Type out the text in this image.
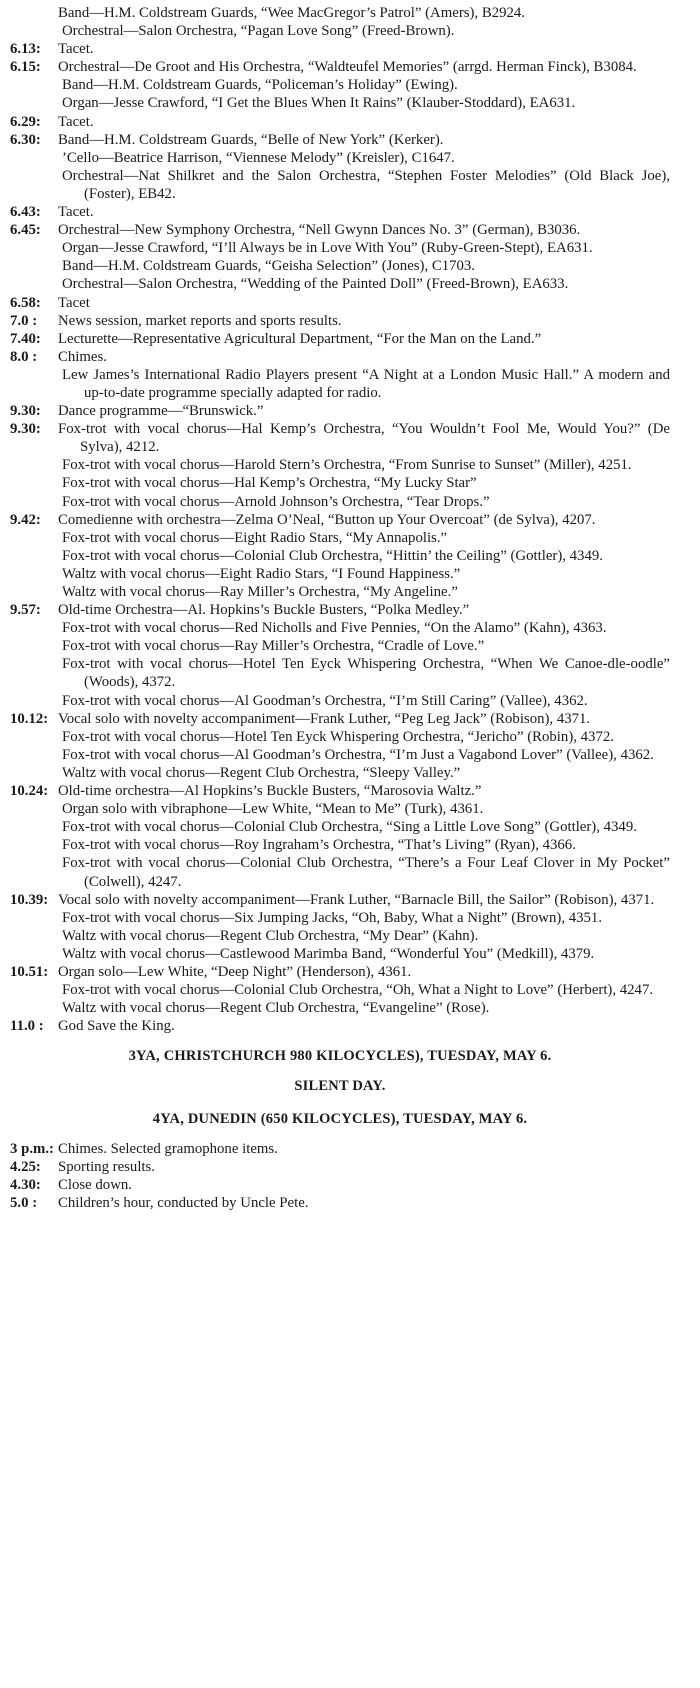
Band—H.M. Coldstream Guards, “Wee MacGregor’s Patrol” (Amers), B2924.
Orchestral—Salon Orchestra, “Pagan Love Song” (Freed-Brown).
6.13:	Tacet.
6.15:	Orchestral—De Groot and His Orchestra, “Waldteufel Memories” (arrgd. Herman Finck), B3084.
Band—H.M. Coldstream Guards, “Policeman’s Holiday” (Ewing).
Organ—Jesse Crawford, “I Get the Blues When It Rains” (Klauber-Stoddard), EA631.
6.29:	Tacet.
6.30:	Band—H.M. Coldstream Guards, “Belle of New York” (Kerker).
’Cello—Beatrice Harrison, “Viennese Melody” (Kreisler), C1647.
Orchestral—Nat Shilkret and the Salon Orchestra, “Stephen Foster Melodies” (Old Black Joe), (Foster), EB42.
6.43:	Tacet.
6.45:	Orchestral—New Symphony Orchestra, “Nell Gwynn Dances No. 3” (German), B3036.
Organ—Jesse Crawford, “I’ll Always be in Love With You” (Ruby-Green-Stept), EA631.
Band—H.M. Coldstream Guards, “Geisha Selection” (Jones), C1703.
Orchestral—Salon Orchestra, “Wedding of the Painted Doll” (Freed-Brown), EA633.
6.58:	Tacet
7.0 :	News session, market reports and sports results.
7.40:	Lecturette—Representative Agricultural Department, “For the Man on the Land.”
8.0 :	Chimes.
Lew James’s International Radio Players present “A Night at a London Music Hall.” A modern and up-to-date programme specially adapted for radio.
9.30:	Dance programme—“Brunswick.”
9.30:	Fox-trot with vocal chorus—Hal Kemp’s Orchestra, “You Wouldn’t Fool Me, Would You?” (De Sylva), 4212.
Fox-trot with vocal chorus—Harold Stern’s Orchestra, “From Sunrise to Sunset” (Miller), 4251.
Fox-trot with vocal chorus—Hal Kemp’s Orchestra, “My Lucky Star”
Fox-trot with vocal chorus—Arnold Johnson’s Orchestra, “Tear Drops.”
9.42:	Comedienne with orchestra—Zelma O’Neal, “Button up Your Overcoat” (de Sylva), 4207.
Fox-trot with vocal chorus—Eight Radio Stars, “My Annapolis.”
Fox-trot with vocal chorus—Colonial Club Orchestra, “Hittin’ the Ceiling” (Gottler), 4349.
Waltz with vocal chorus—Eight Radio Stars, “I Found Happiness.”
Waltz with vocal chorus—Ray Miller’s Orchestra, “My Angeline.”
9.57:	Old-time Orchestra—Al. Hopkins’s Buckle Busters, “Polka Medley.”
Fox-trot with vocal chorus—Red Nicholls and Five Pennies, “On the Alamo” (Kahn), 4363.
Fox-trot with vocal chorus—Ray Miller’s Orchestra, “Cradle of Love.”
Fox-trot with vocal chorus—Hotel Ten Eyck Whispering Orchestra, “When We Canoe-dle-oodle” (Woods), 4372.
Fox-trot with vocal chorus—Al Goodman’s Orchestra, “I’m Still Caring” (Vallee), 4362.
10.12: Vocal solo with novelty accompaniment—Frank Luther, “Peg Leg Jack” (Robison), 4371.
Fox-trot with vocal chorus—Hotel Ten Eyck Whispering Orchestra, “Jericho” (Robin), 4372.
Fox-trot with vocal chorus—Al Goodman’s Orchestra, “I’m Just a Vagabond Lover” (Vallee), 4362.
Waltz with vocal chorus—Regent Club Orchestra, “Sleepy Valley.”
10.24: Old-time orchestra—Al Hopkins’s Buckle Busters, “Marosovia Waltz.”
Organ solo with vibraphone—Lew White, “Mean to Me” (Turk), 4361.
Fox-trot with vocal chorus—Colonial Club Orchestra, “Sing a Little Love Song” (Gottler), 4349.
Fox-trot with vocal chorus—Roy Ingraham’s Orchestra, “That’s Living” (Ryan), 4366.
Fox-trot with vocal chorus—Colonial Club Orchestra, “There’s a Four Leaf Clover in My Pocket” (Colwell), 4247.
10.39: Vocal solo with novelty accompaniment—Frank Luther, “Barnacle Bill, the Sailor” (Robison), 4371.
Fox-trot with vocal chorus—Six Jumping Jacks, “Oh, Baby, What a Night” (Brown), 4351.
Waltz with vocal chorus—Regent Club Orchestra, “My Dear” (Kahn).
Waltz with vocal chorus—Castlewood Marimba Band, “Wonderful You” (Medkill), 4379.
10.51: Organ solo—Lew White, “Deep Night” (Henderson), 4361.
Fox-trot with vocal chorus—Colonial Club Orchestra, “Oh, What a Night to Love” (Herbert), 4247.
Waltz with vocal chorus—Regent Club Orchestra, “Evangeline” (Rose).
11.0 : God Save the King.
3YA, CHRISTCHURCH 980 KILOCYCLES), TUESDAY, MAY 6.
SILENT DAY.
4YA, DUNEDIN (650 KILOCYCLES), TUESDAY, MAY 6.
3 p.m.: Chimes. Selected gramophone items.
4.25:	Sporting results.
4.30:	Close down.
5.0 :	Children’s hour, conducted by Uncle Pete.
